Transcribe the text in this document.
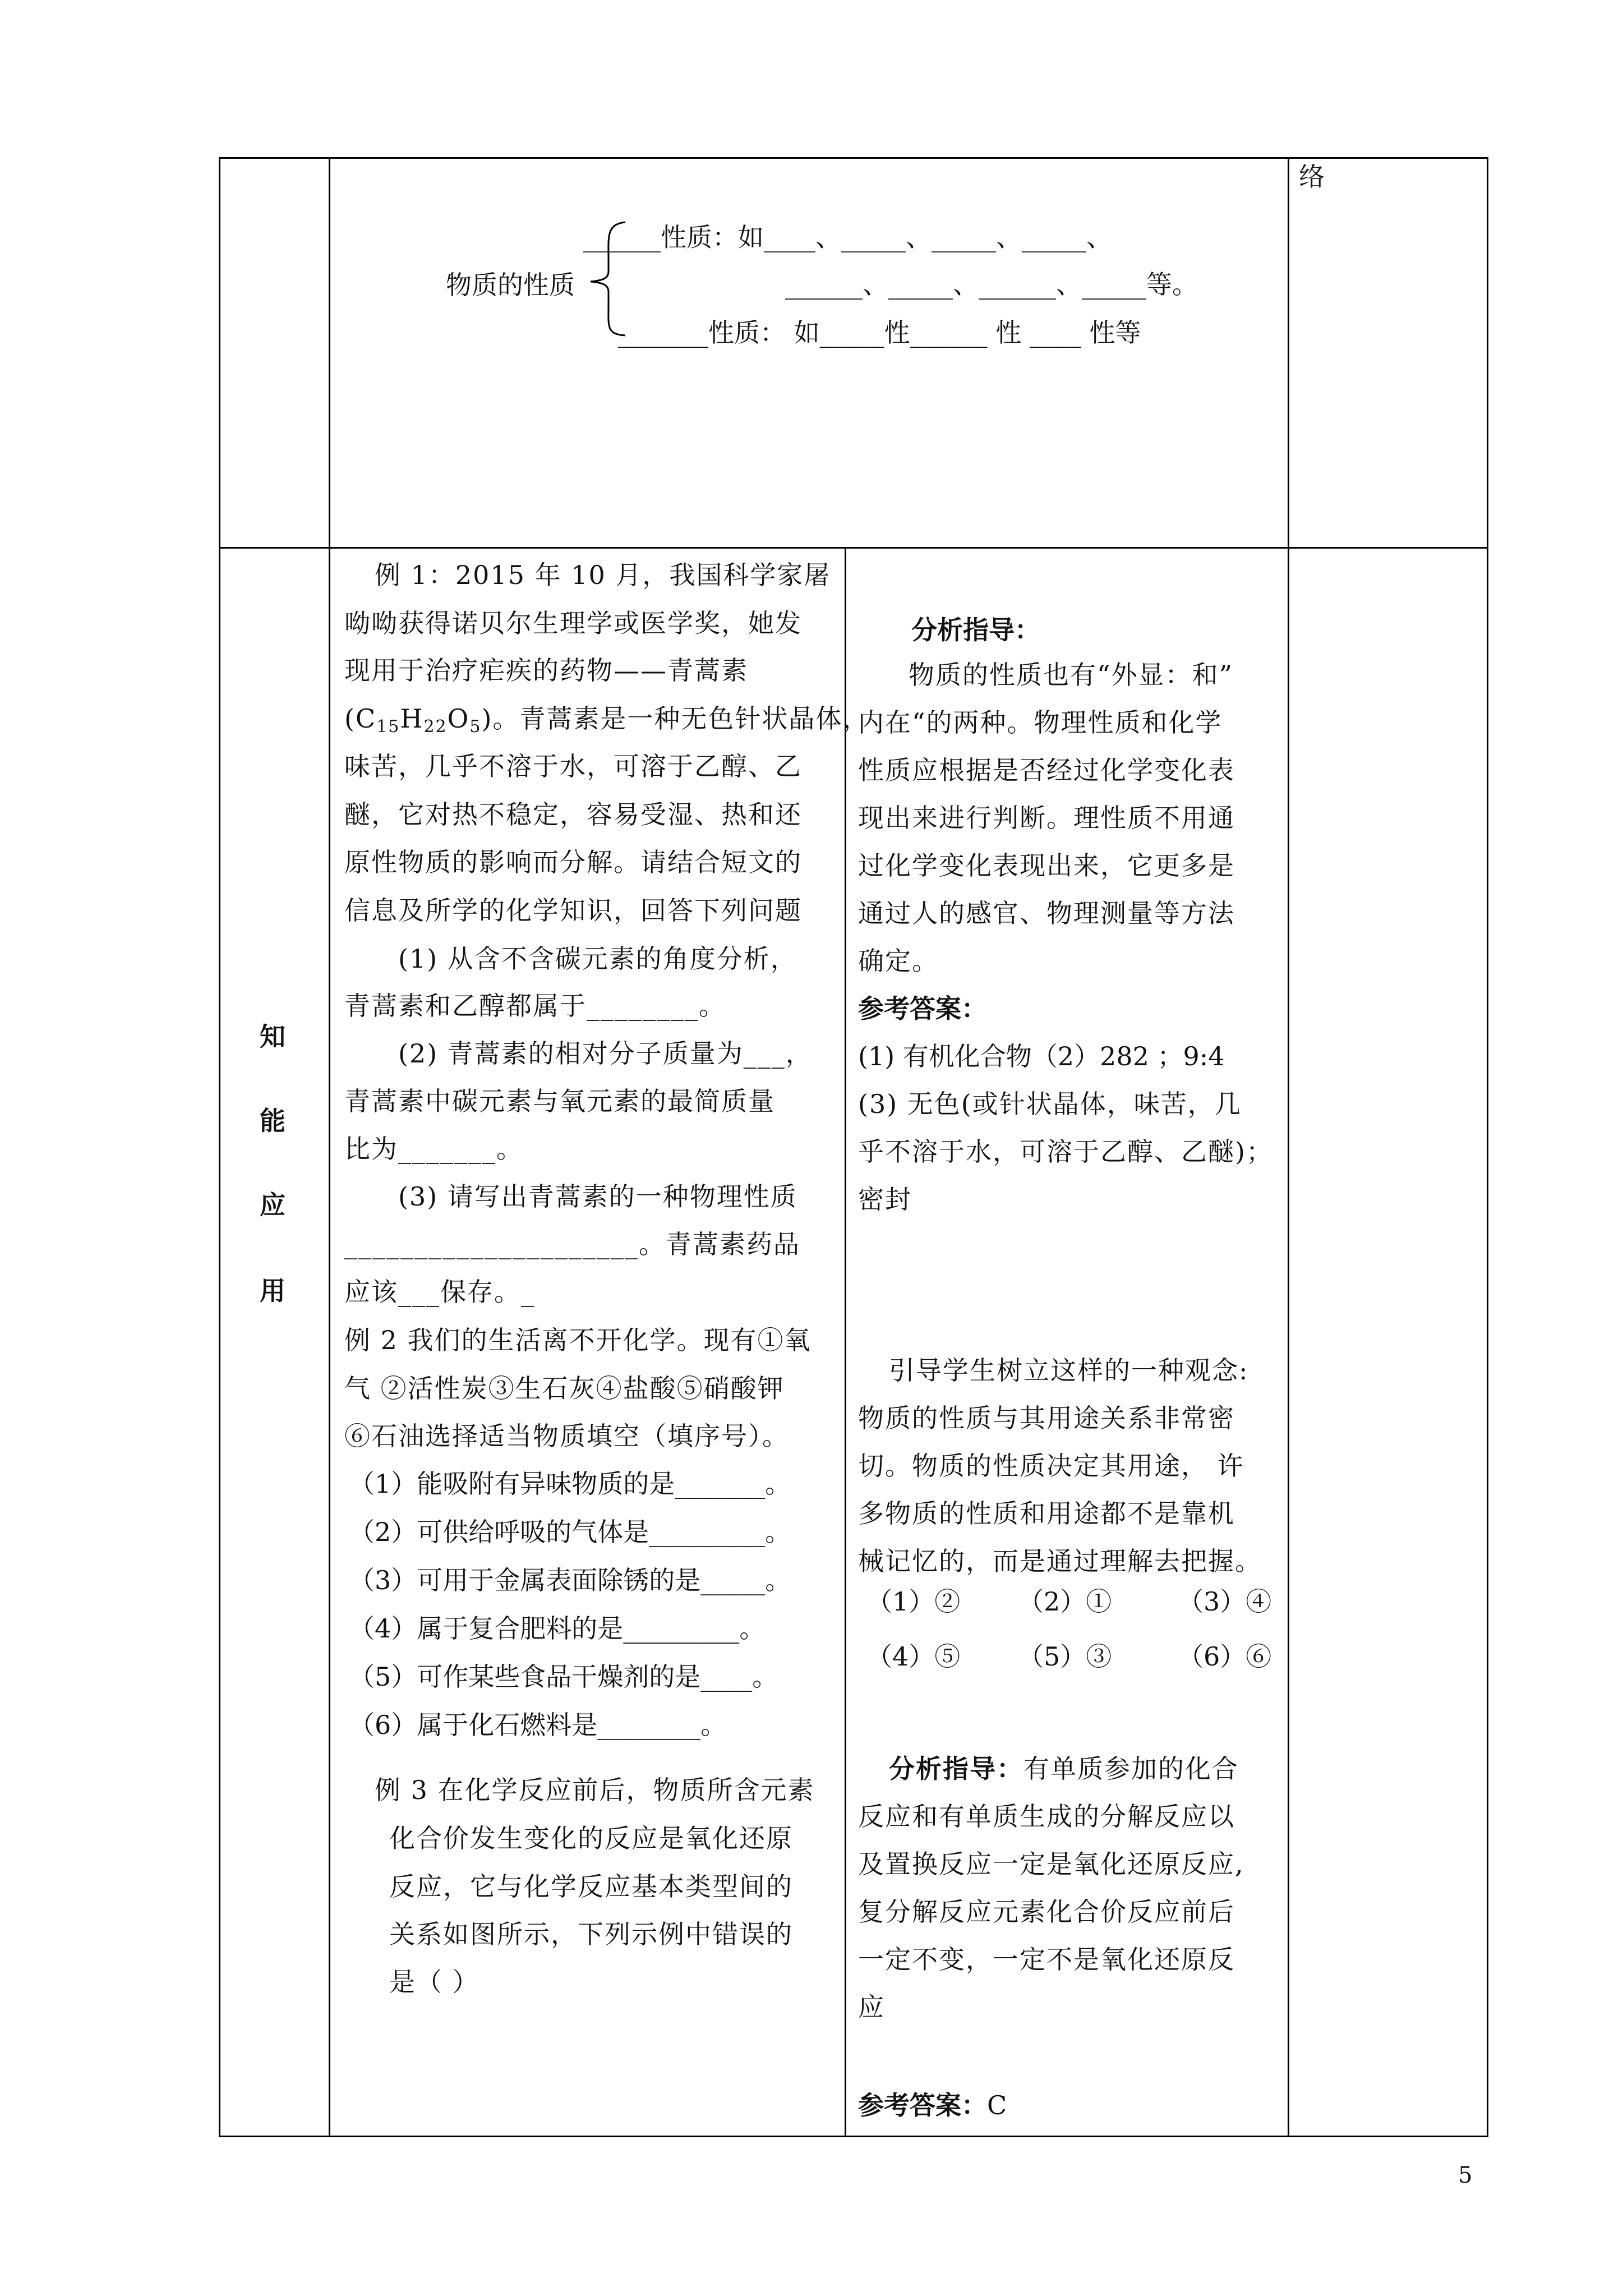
络
物质的性质
______性质：如____、_____、_____、_____、
______、_____、______、_____等。
_______性质： 如_____性______ 性 ____ 性等
知
能
应
用
例 1：2015 年 10 月，我国科学家屠
呦呦获得诺贝尔生理学或医学奖，她发
现用于治疗疟疾的药物——青蒿素
$(C_{15}H_{22}O_5)$。青蒿素是一种无色针状晶体，
味苦，几乎不溶于水，可溶于乙醇、乙
醚，它对热不稳定，容易受湿、热和还
原性物质的影响而分解。请结合短文的
信息及所学的化学知识，回答下列问题
(1) 从含不含碳元素的角度分析，
青蒿素和乙醇都属于________。
(2) 青蒿素的相对分子质量为___，
青蒿素中碳元素与氧元素的最简质量
比为_______。
(3) 请写出青蒿素的一种物理性质
_____________________。青蒿素药品
应该___保存。_
例 2 我们的生活离不开化学。现有①氧
气 ②活性炭③生石灰④盐酸⑤硝酸钾
⑥石油选择适当物质填空（填序号）。
（1）能吸附有异味物质的是_______。
（2）可供给呼吸的气体是_________。
（3）可用于金属表面除锈的是_____。
（4）属于复合肥料的是_________。
（5）可作某些食品干燥剂的是____。
（6）属于化石燃料是________。
例 3 在化学反应前后，物质所含元素
化合价发生变化的反应是氧化还原
反应，它与化学反应基本类型间的
关系如图所示，下列示例中错误的
是（ ）
分析指导：
物质的性质也有“外显：和”
内在“的两种。物理性质和化学
性质应根据是否经过化学变化表
现出来进行判断。理性质不用通
过化学变化表现出来，它更多是
通过人的感官、物理测量等方法
确定。
参考答案：
(1) 有机化合物（2）282 ；9:4
(3) 无色(或针状晶体，味苦，几
乎不溶于水，可溶于乙醇、乙醚)；
密封
引导学生树立这样的一种观念:
物质的性质与其用途关系非常密
切。物质的性质决定其用途， 许
多物质的性质和用途都不是靠机
械记忆的，而是通过理解去把握。
（1）② （2）①	（3）④
（4）⑤ （5）③	（6）⑥
分析指导：有单质参加的化合
反应和有单质生成的分解反应以
及置换反应一定是氧化还原反应,
复分解反应元素化合价反应前后
一定不变，一定不是氧化还原反
应
参考答案：C
5
